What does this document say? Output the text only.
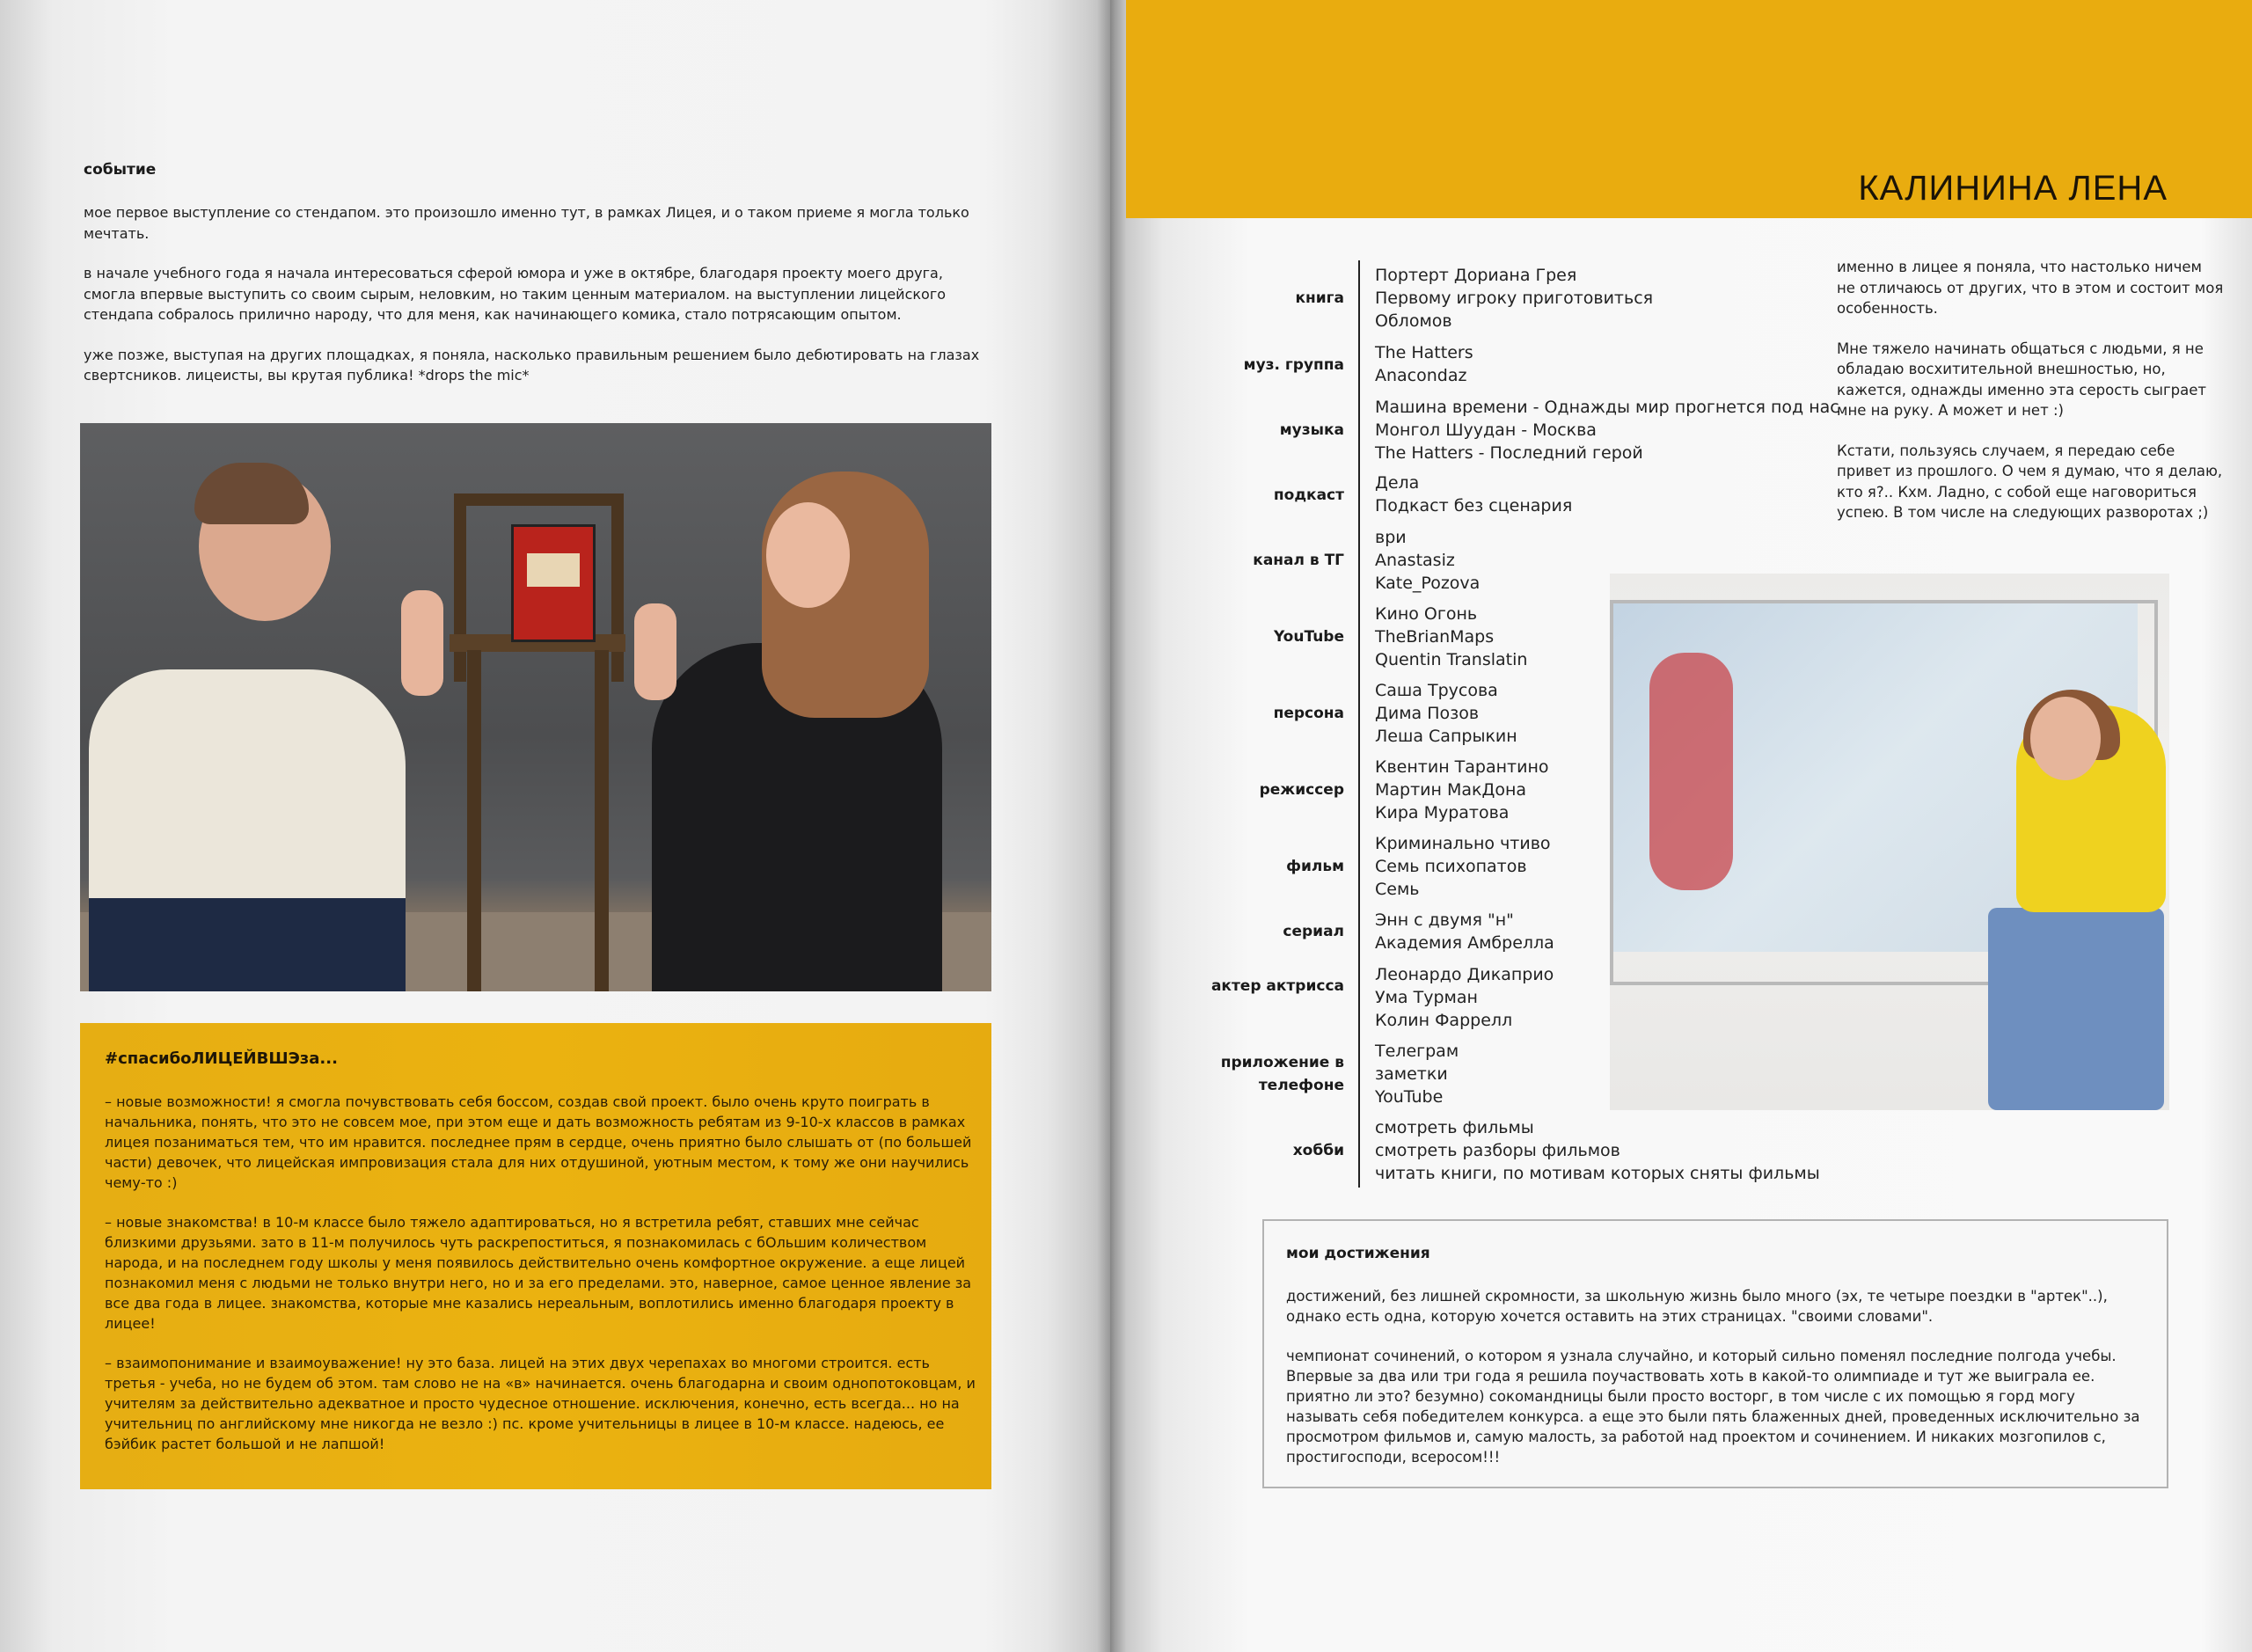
событие

мое первое выступление со стендапом. это произошло именно тут, в рамках Лицея, и о таком приеме я могла только мечтать.

в начале учебного года я начала интересоваться сферой юмора и уже в октябре, благодаря проекту моего друга, смогла впервые выступить со своим сырым, неловким, но таким ценным материалом. на выступлении лицейского стендапа собралось прилично народу, что для меня, как начинающего комика, стало потрясающим опытом.

уже позже, выступая на других площадках, я поняла, насколько правильным решением было дебютировать на глазах свертсников. лицеисты, вы крутая публика! *drops the mic*

#спасибоЛИЦЕЙВШЭза...

– новые возможности! я смогла почувствовать себя боссом, создав свой проект. было очень круто поиграть в начальника, понять, что это не совсем мое, при этом еще и дать возможность ребятам из 9-10-х классов в рамках лицея позаниматься тем, что им нравится. последнее прям в сердце, очень приятно было слышать от (по большей части) девочек, что лицейская импровизация стала для них отдушиной, уютным местом, к тому же они научились чему-то :)

– новые знакомства! в 10-м классе было тяжело адаптироваться, но я встретила ребят, ставших мне сейчас близкими друзьями. зато в 11-м получилось чуть раскрепоститься, я познакомилась с бОльшим количеством народа, и на последнем году школы у меня появилось действительно очень комфортное окружение. а еще лицей познакомил меня с людьми не только внутри него, но и за его пределами. это, наверное, самое ценное явление за все два года в лицее. знакомства, которые мне казались нереальным, воплотились именно благодаря проекту в лицее!

– взаимопонимание и взаимоуважение! ну это база. лицей на этих двух черепахах во многоми строится. есть третья - учеба, но не будем об этом. там слово не на «в» начинается. очень благодарна и своим однопотоковцам, и учителям за действительно адекватное и просто чудесное отношение. исключения, конечно, есть всегда... но на учительниц по английскому мне никогда не везло :) пс. кроме учительницы в лицее в 10-м классе. надеюсь, ее бэйбик растет большой и не лапшой!

КАЛИНИНА ЛЕНА
книга
Портерт Дориана Грея
Первому игроку приготовиться
Обломов
муз. группа
The Hatters
Anacondaz
музыка
Машина времени - Однажды мир прогнется под нас
Монгол Шуудан - Москва
The Hatters - Последний герой
подкаст
Дела
Подкаст без сценария
канал в ТГ
ври
Anastasiz
Kate_Pozova
YouTube
Кино Огонь
TheBrianMaps
Quentin Translatin
персона
Саша Трусова
Дима Позов
Леша Сапрыкин
режиссер
Квентин Тарантино
Мартин МакДона
Кира Муратова
фильм
Криминально чтиво
Семь психопатов
Семь
сериал
Энн с двумя "н"
Академия Амбрелла
актер актрисса
Леонардо Дикаприо
Ума Турман
Колин Фаррелл
приложение в телефоне
Телеграм
заметки
YouTube
хобби
смотреть фильмы
смотреть разборы фильмов
читать книги, по мотивам которых сняты фильмы

именно в лицее я поняла, что настолько ничем не отличаюсь от других, что в этом и состоит моя особенность.

Мне тяжело начинать общаться с людьми, я не обладаю восхитительной внешностью, но, кажется, однажды именно эта серость сыграет мне на руку. А может и нет :)

Кстати, пользуясь случаем, я передаю себе привет из прошлого. О чем я думаю, что я делаю, кто я?.. Кхм. Ладно, с собой еще наговориться успею. В том числе на следующих разворотах ;)

мои достижения

достижений, без лишней скромности, за школьную жизнь было много (эх, те четыре поездки в "артек"..), однако есть одна, которую хочется оставить на этих страницах. "своими словами".

чемпионат сочинений, о котором я узнала случайно, и который сильно поменял последние полгода учебы. Впервые за два или три года я решила поучаствовать хоть в какой-то олимпиаде и тут же выиграла ее. приятно ли это? безумно) сокомандницы были просто восторг, в том числе с их помощью я горд могу называть себя победителем конкурса. а еще это были пять блаженных дней, проведенных исключительно за просмотром фильмов и, самую малость, за работой над проектом и сочинением. И никаких мозгопилов с, простигосподи, всеросом!!!
